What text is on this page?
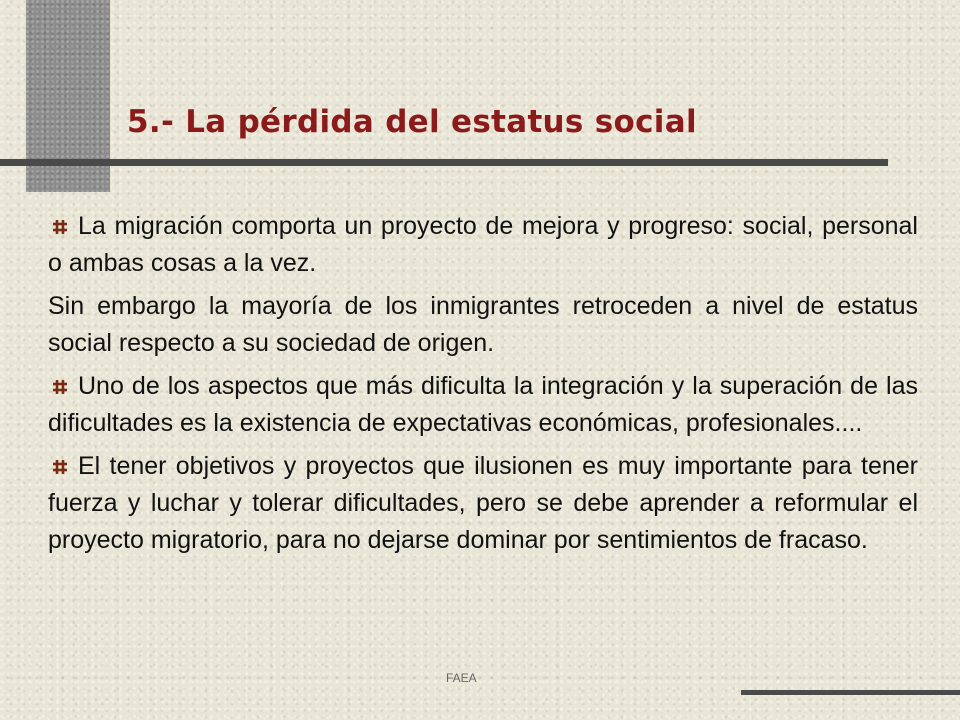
5.- La pérdida del estatus social

La migración comporta un proyecto de mejora y progreso: social, personal o ambas cosas a la vez.

Sin embargo la mayoría de los inmigrantes retroceden a nivel de estatus social respecto a su sociedad de origen.

Uno de los aspectos que más dificulta la integración y la superación de las dificultades es la existencia de expectativas económicas, profesionales....

El tener objetivos y proyectos que ilusionen es muy importante para tener fuerza y luchar y tolerar dificultades, pero se debe aprender a reformular el proyecto migratorio, para no dejarse dominar por sentimientos de fracaso.

FAEA
